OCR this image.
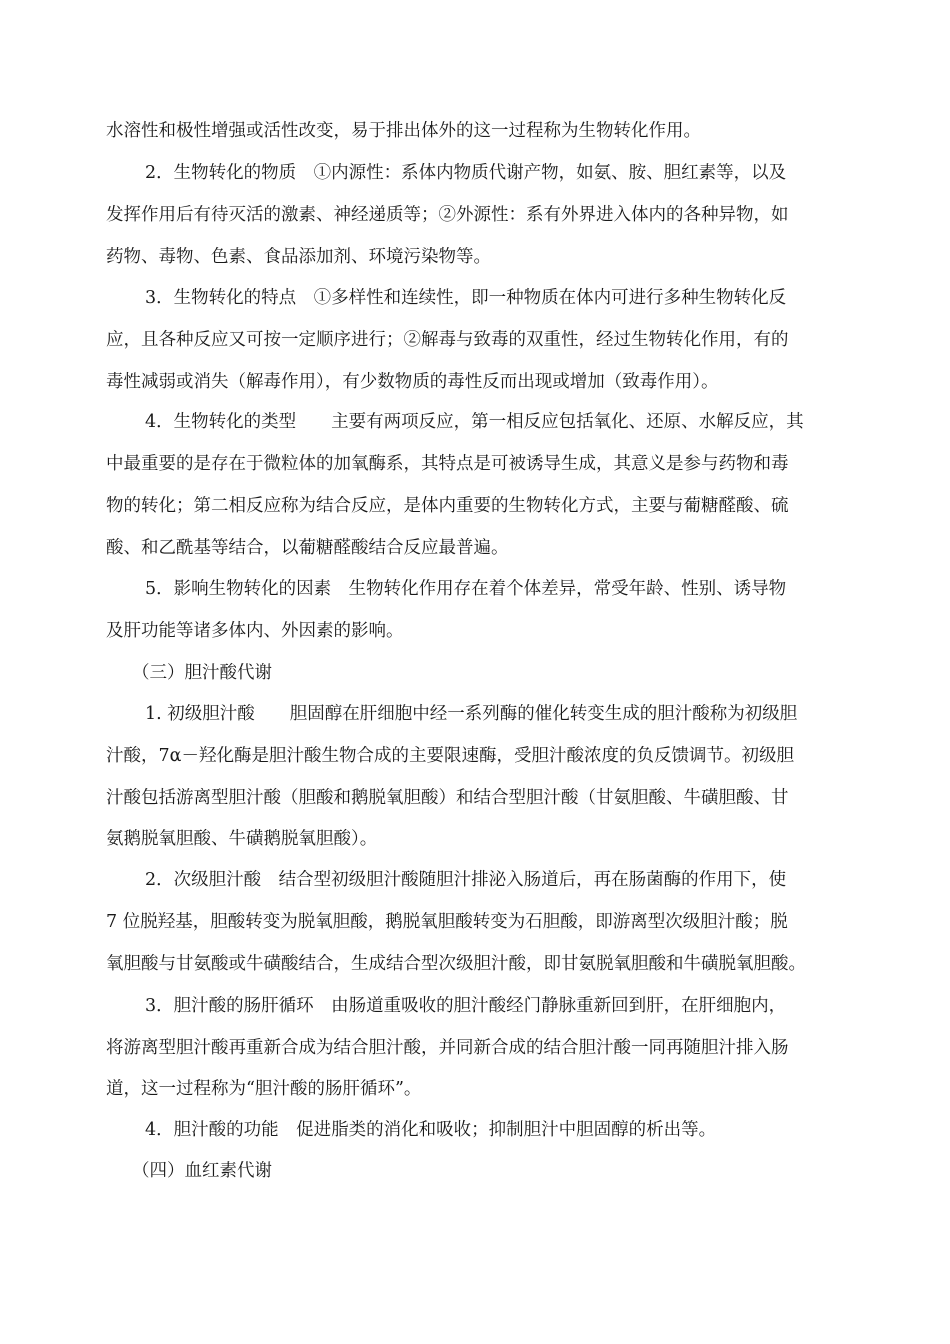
水溶性和极性增强或活性改变，易于排出体外的这一过程称为生物转化作用。
2．生物转化的物质　①内源性：系体内物质代谢产物，如氨、胺、胆红素等，以及
发挥作用后有待灭活的激素、神经递质等；②外源性：系有外界进入体内的各种异物，如
药物、毒物、色素、食品添加剂、环境污染物等。
3．生物转化的特点　①多样性和连续性，即一种物质在体内可进行多种生物转化反
应，且各种反应又可按一定顺序进行；②解毒与致毒的双重性，经过生物转化作用，有的
毒性减弱或消失（解毒作用），有少数物质的毒性反而出现或增加（致毒作用）。
4．生物转化的类型　　主要有两项反应，第一相反应包括氧化、还原、水解反应，其
中最重要的是存在于微粒体的加氧酶系，其特点是可被诱导生成，其意义是参与药物和毒
物的转化；第二相反应称为结合反应，是体内重要的生物转化方式，主要与葡糖醛酸、硫
酸、和乙酰基等结合，以葡糖醛酸结合反应最普遍。
5．影响生物转化的因素　生物转化作用存在着个体差异，常受年龄、性别、诱导物
及肝功能等诸多体内、外因素的影响。
（三）胆汁酸代谢
1. 初级胆汁酸　　胆固醇在肝细胞中经一系列酶的催化转变生成的胆汁酸称为初级胆
汁酸，7α－羟化酶是胆汁酸生物合成的主要限速酶，受胆汁酸浓度的负反馈调节。初级胆
汁酸包括游离型胆汁酸（胆酸和鹅脱氧胆酸）和结合型胆汁酸（甘氨胆酸、牛磺胆酸、甘
氨鹅脱氧胆酸、牛磺鹅脱氧胆酸）。
2．次级胆汁酸　结合型初级胆汁酸随胆汁排泌入肠道后，再在肠菌酶的作用下，使
7 位脱羟基，胆酸转变为脱氧胆酸，鹅脱氧胆酸转变为石胆酸，即游离型次级胆汁酸；脱
氧胆酸与甘氨酸或牛磺酸结合，生成结合型次级胆汁酸，即甘氨脱氧胆酸和牛磺脱氧胆酸。
3．胆汁酸的肠肝循环　由肠道重吸收的胆汁酸经门静脉重新回到肝，在肝细胞内，
将游离型胆汁酸再重新合成为结合胆汁酸，并同新合成的结合胆汁酸一同再随胆汁排入肠
道，这一过程称为“胆汁酸的肠肝循环”。
4．胆汁酸的功能　促进脂类的消化和吸收；抑制胆汁中胆固醇的析出等。
（四）血红素代谢
